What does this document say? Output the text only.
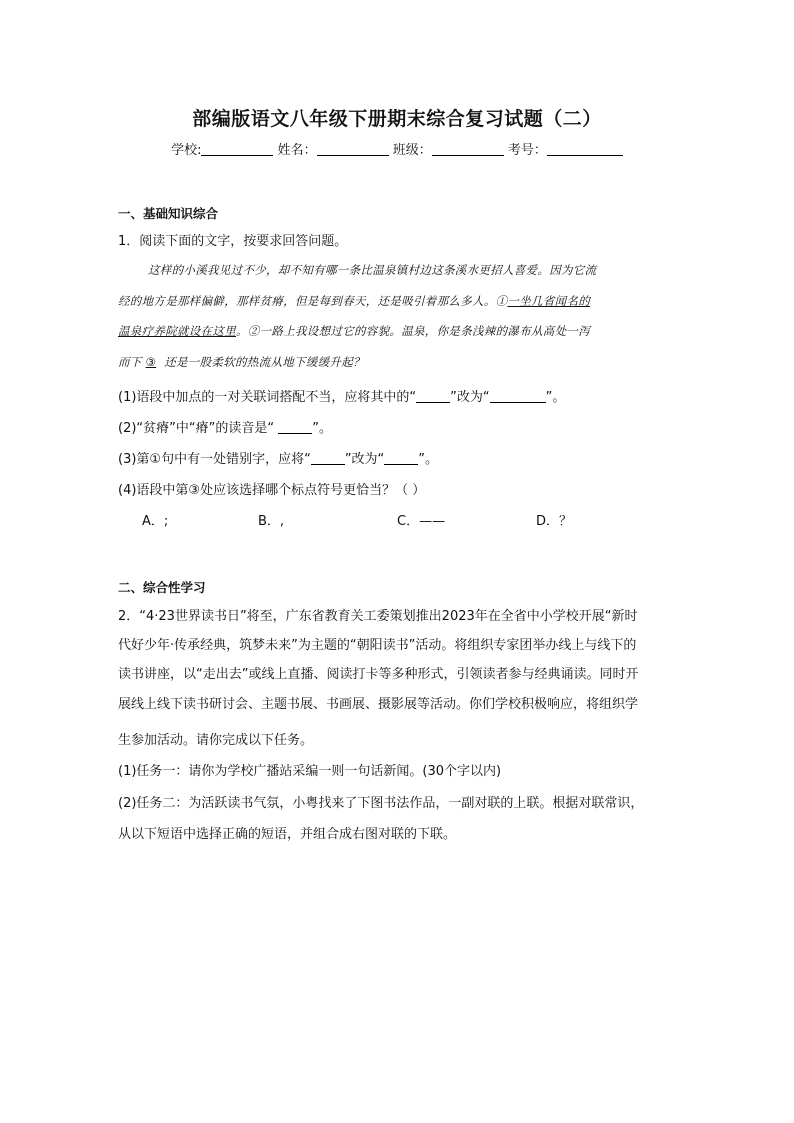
部编版语文八年级下册期末综合复习试题（二）
学校:	姓名：	班级：	考号：
一、基础知识综合
1．阅读下面的文字，按要求回答问题。
这样的小溪我见过不少，却不知有哪一条比温泉镇村边这条溪水更招人喜爱。因为它流
经的地方是那样偏僻，那样贫瘠，但是每到春天，还是吸引着那么多人。①一坐几省闻名的
温泉疗养院就设在这里。②一路上我设想过它的容貌。温泉，你是条浅辣的瀑布从高处一泻
而下 ③ 还是一股柔软的热流从地下缓缓升起？
(1)语段中加点的一对关联词搭配不当，应将其中的“	”改为“	”。
(2)“贫瘠”中“瘠”的读音是“	”。
(3)第①句中有一处错别字，应将“	”改为“	”。
(4)语段中第③处应该选择哪个标点符号更恰当？（ ）
A．;	B．,	C．——	D．？
二、综合性学习
2．“4·23世界读书日”将至，广东省教育关工委策划推出2023年在全省中小学校开展“新时
代好少年·传承经典，筑梦未来”为主题的“朝阳读书”活动。将组织专家团举办线上与线下的
读书讲座，以“走出去”或线上直播、阅读打卡等多种形式，引领读者参与经典诵读。同时开
展线上线下读书研讨会、主题书展、书画展、摄影展等活动。你们学校积极响应，将组织学
生参加活动。请你完成以下任务。
(1)任务一：请你为学校广播站采编一则一句话新闻。(30个字以内)
(2)任务二：为活跃读书气氛，小粤找来了下图书法作品，一副对联的上联。根据对联常识，
从以下短语中选择正确的短语，并组合成右图对联的下联。
